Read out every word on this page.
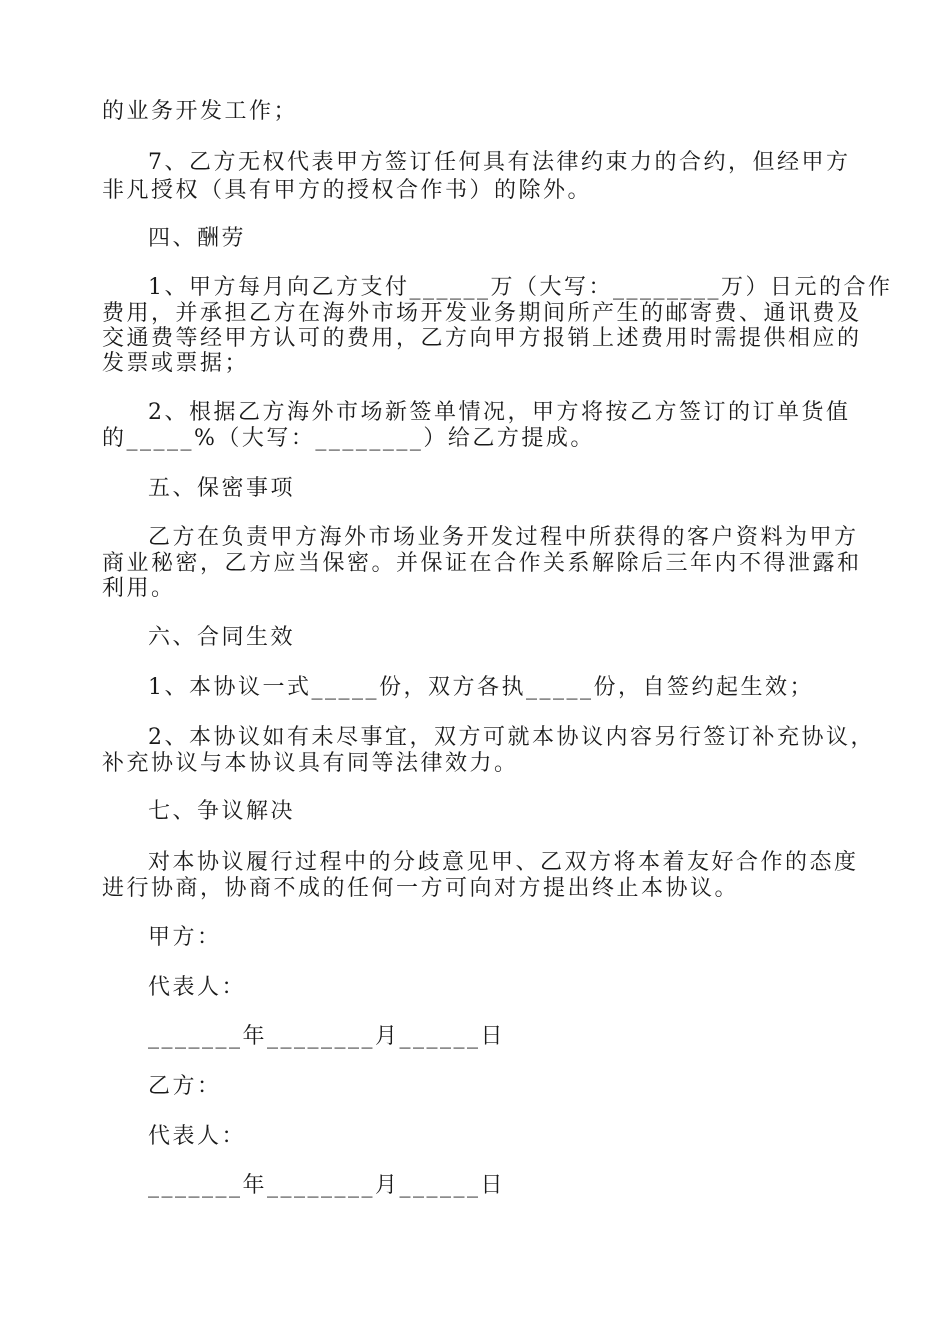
的业务开发工作；
7、乙方无权代表甲方签订任何具有法律约束力的合约，但经甲方
非凡授权（具有甲方的授权合作书）的除外。
四、酬劳
1、甲方每月向乙方支付______万（大写：________万）日元的合作
费用，并承担乙方在海外市场开发业务期间所产生的邮寄费、通讯费及
交通费等经甲方认可的费用，乙方向甲方报销上述费用时需提供相应的
发票或票据；
2、根据乙方海外市场新签单情况，甲方将按乙方签订的订单货值
的_____%（大写：________）给乙方提成。
五、保密事项
乙方在负责甲方海外市场业务开发过程中所获得的客户资料为甲方
商业秘密，乙方应当保密。并保证在合作关系解除后三年内不得泄露和
利用。
六、合同生效
1、本协议一式_____份，双方各执_____份，自签约起生效；
2、本协议如有未尽事宜，双方可就本协议内容另行签订补充协议，
补充协议与本协议具有同等法律效力。
七、争议解决
对本协议履行过程中的分歧意见甲、乙双方将本着友好合作的态度
进行协商，协商不成的任何一方可向对方提出终止本协议。
甲方：
代表人：
_______年________月______日
乙方：
代表人：
_______年________月______日
